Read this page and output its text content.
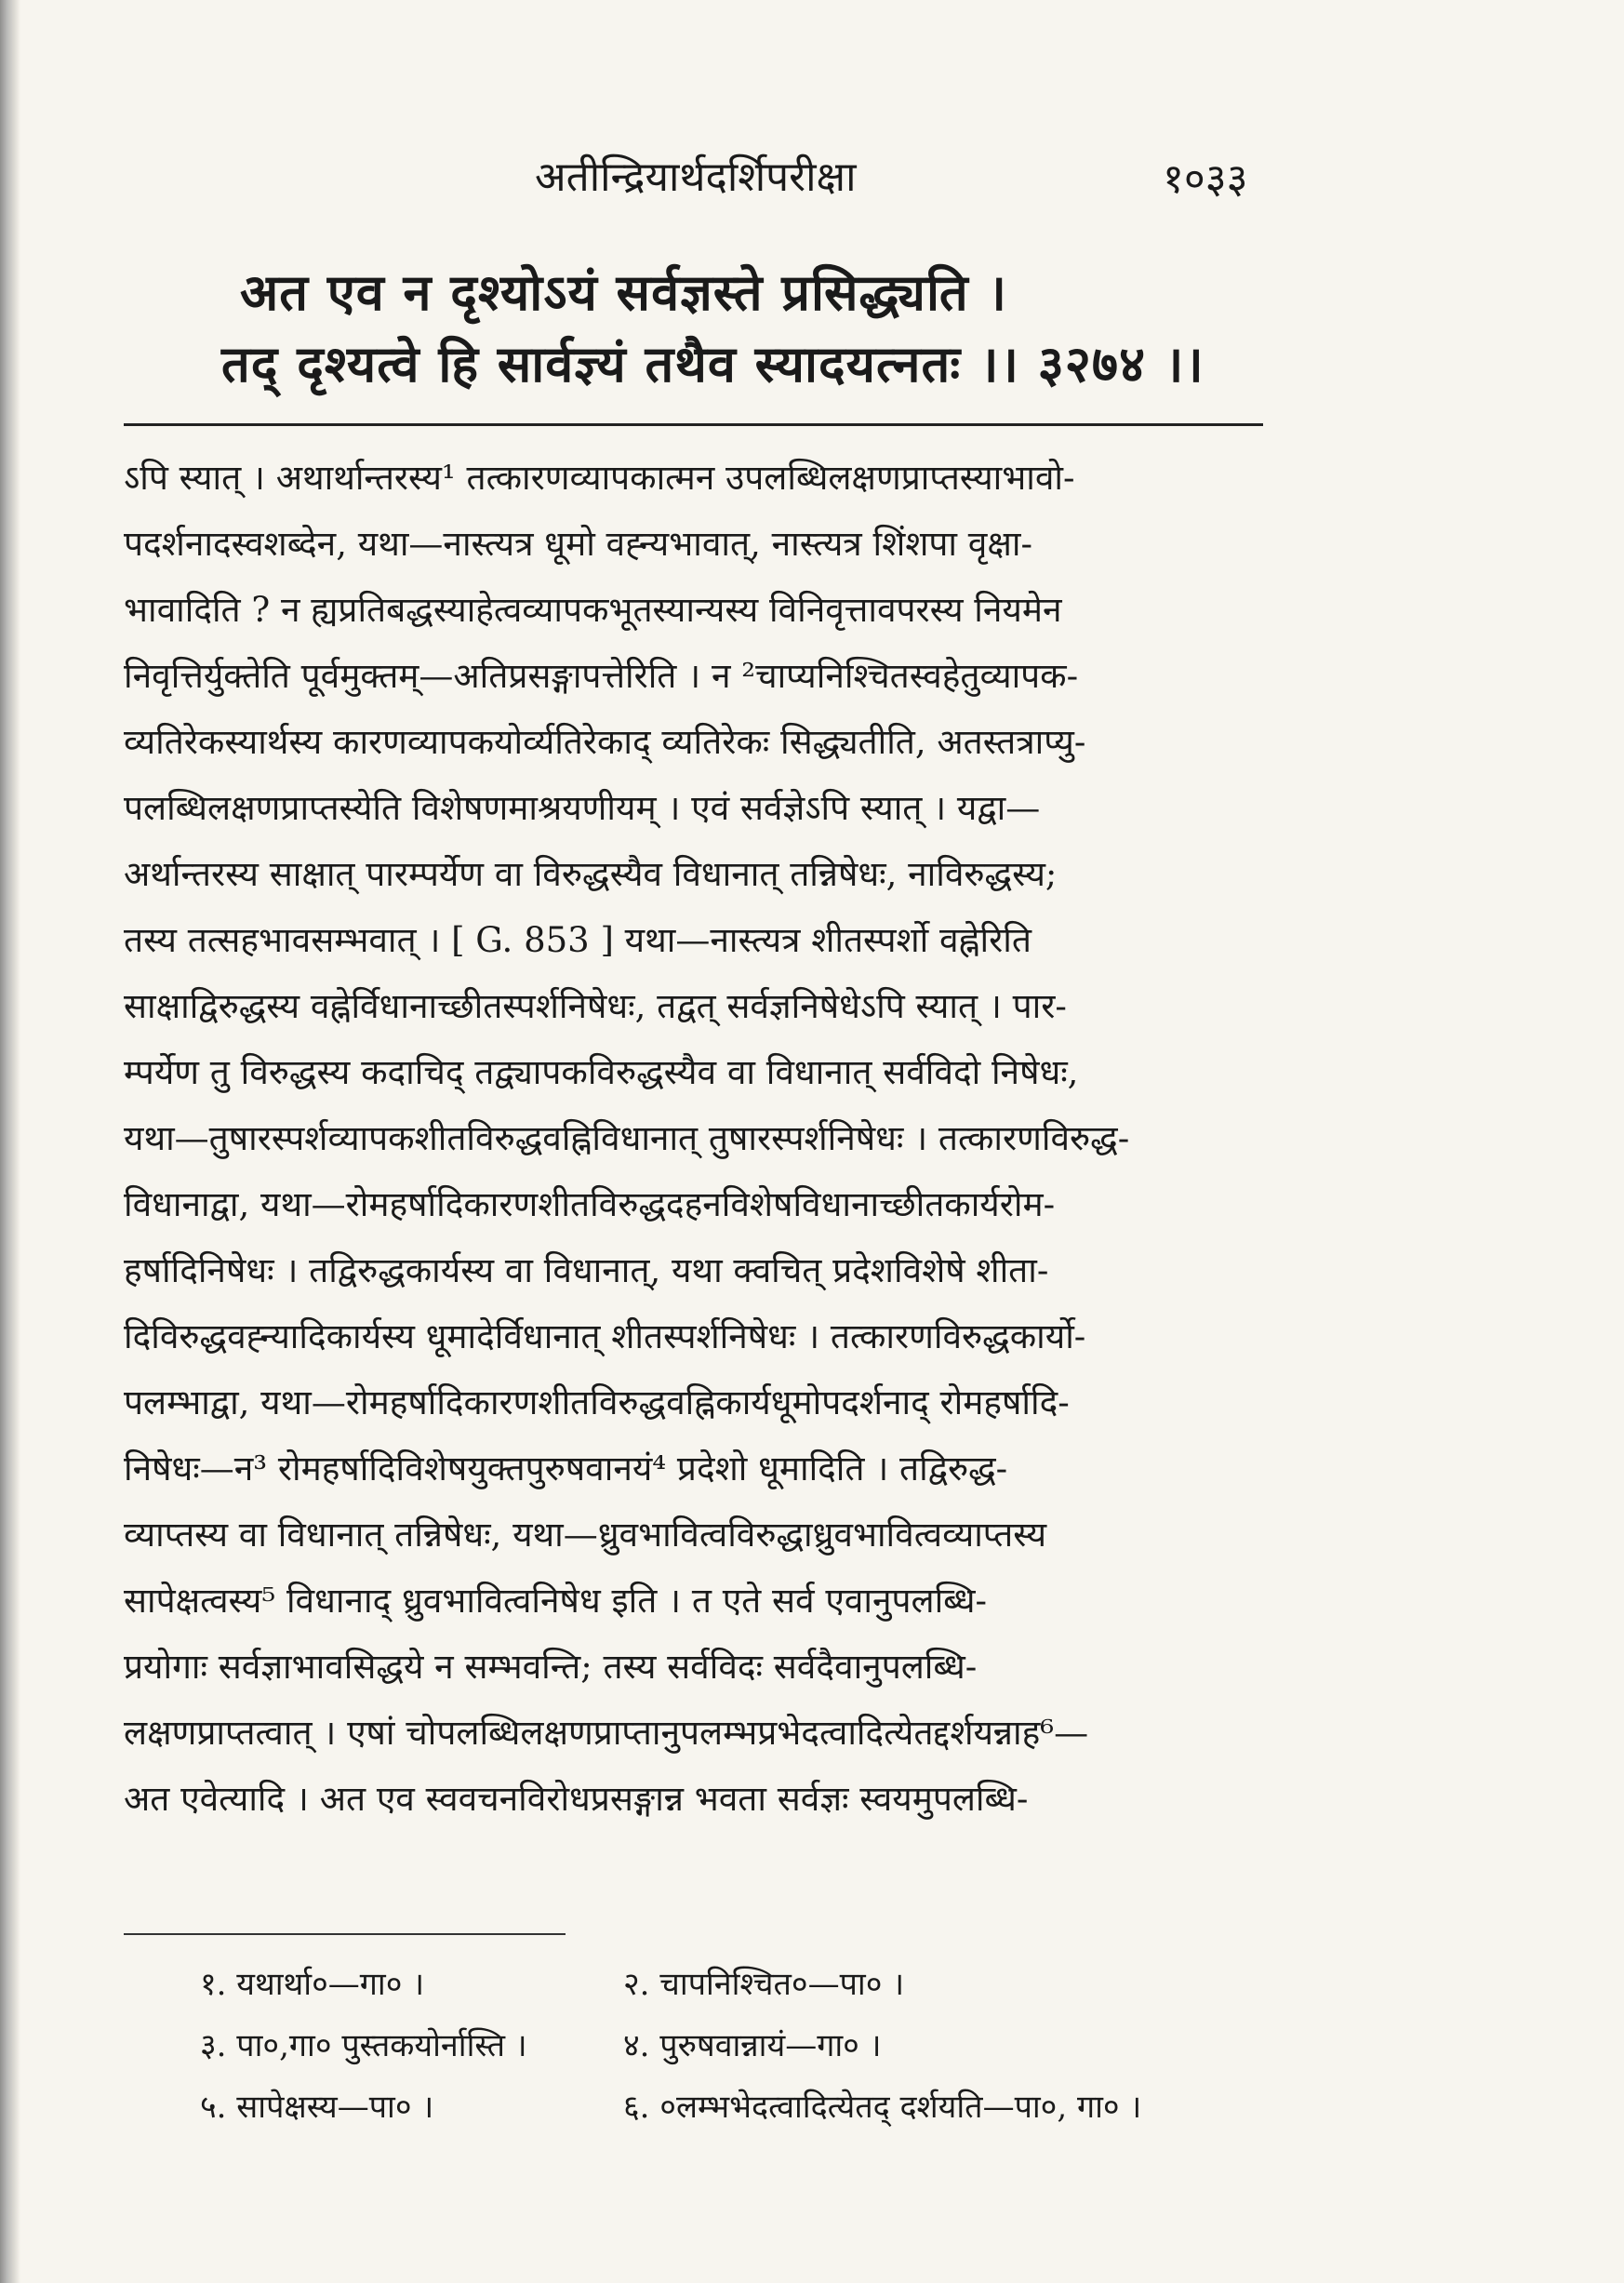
अतीन्द्रियार्थदर्शिपरीक्षा	१०३३
अत एव न दृश्योऽयं सर्वज्ञस्ते प्रसिद्ध्यति ।
तद् दृश्यत्वे हि सार्वज्ञ्यं तथैव स्यादयत्नतः ।। ३२७४ ।।
ऽपि स्यात् । अथार्थान्तरस्य¹ तत्कारणव्यापकात्मन उपलब्धिलक्षणप्राप्तस्याभावो-
पदर्शनादस्वशब्देन, यथा—नास्त्यत्र धूमो वह्न्यभावात्, नास्त्यत्र शिंशपा वृक्षा-
भावादिति ? न ह्यप्रतिबद्धस्याहेत्वव्यापकभूतस्यान्यस्य विनिवृत्तावपरस्य नियमेन
निवृत्तिर्युक्तेति पूर्वमुक्तम्—अतिप्रसङ्गापत्तेरिति । न ²चाप्यनिश्चितस्वहेतुव्यापक-
व्यतिरेकस्यार्थस्य कारणव्यापकयोर्व्यतिरेकाद् व्यतिरेकः सिद्ध्यतीति, अतस्तत्राप्यु-
पलब्धिलक्षणप्राप्तस्येति विशेषणमाश्रयणीयम् । एवं सर्वज्ञेऽपि स्यात् । यद्वा—
अर्थान्तरस्य साक्षात् पारम्पर्येण वा विरुद्धस्यैव विधानात् तन्निषेधः, नाविरुद्धस्य;
तस्य तत्सहभावसम्भवात् । [ G. 853 ] यथा—नास्त्यत्र शीतस्पर्शो वह्नेरिति
साक्षाद्विरुद्धस्य वह्नेर्विधानाच्छीतस्पर्शनिषेधः, तद्वत् सर्वज्ञनिषेधेऽपि स्यात् । पार-
म्पर्येण तु विरुद्धस्य कदाचिद् तद्व्यापकविरुद्धस्यैव वा विधानात् सर्वविदो निषेधः,
यथा—तुषारस्पर्शव्यापकशीतविरुद्धवह्निविधानात् तुषारस्पर्शनिषेधः । तत्कारणविरुद्ध-
विधानाद्वा, यथा—रोमहर्षादिकारणशीतविरुद्धदहनविशेषविधानाच्छीतकार्यरोम-
हर्षादिनिषेधः । तद्विरुद्धकार्यस्य वा विधानात्, यथा क्वचित् प्रदेशविशेषे शीता-
दिविरुद्धवह्न्यादिकार्यस्य धूमादेर्विधानात् शीतस्पर्शनिषेधः । तत्कारणविरुद्धकार्यो-
पलम्भाद्वा, यथा—रोमहर्षादिकारणशीतविरुद्धवह्निकार्यधूमोपदर्शनाद् रोमहर्षादि-
निषेधः—न³ रोमहर्षादिविशेषयुक्तपुरुषवानयं⁴ प्रदेशो धूमादिति । तद्विरुद्ध-
व्याप्तस्य वा विधानात् तन्निषेधः, यथा—ध्रुवभावित्वविरुद्धाध्रुवभावित्वव्याप्तस्य
सापेक्षत्वस्य⁵ विधानाद् ध्रुवभावित्वनिषेध इति । त एते सर्व एवानुपलब्धि-
प्रयोगाः सर्वज्ञाभावसिद्धये न सम्भवन्ति; तस्य सर्वविदः सर्वदैवानुपलब्धि-
लक्षणप्राप्तत्वात् । एषां चोपलब्धिलक्षणप्राप्तानुपलम्भप्रभेदत्वादित्येतद्दर्शयन्नाह⁶—
अत एवेत्यादि । अत एव स्ववचनविरोधप्रसङ्गान्न भवता सर्वज्ञः स्वयमुपलब्धि-
१. यथार्था०—गा० ।	२. चापनिश्चित०—पा० ।
३. पा०,गा० पुस्तकयोर्नास्ति ।	४. पुरुषवान्नायं—गा० ।
५. सापेक्षस्य—पा० ।	६. ०लम्भभेदत्वादित्येतद् दर्शयति—पा०, गा० ।
